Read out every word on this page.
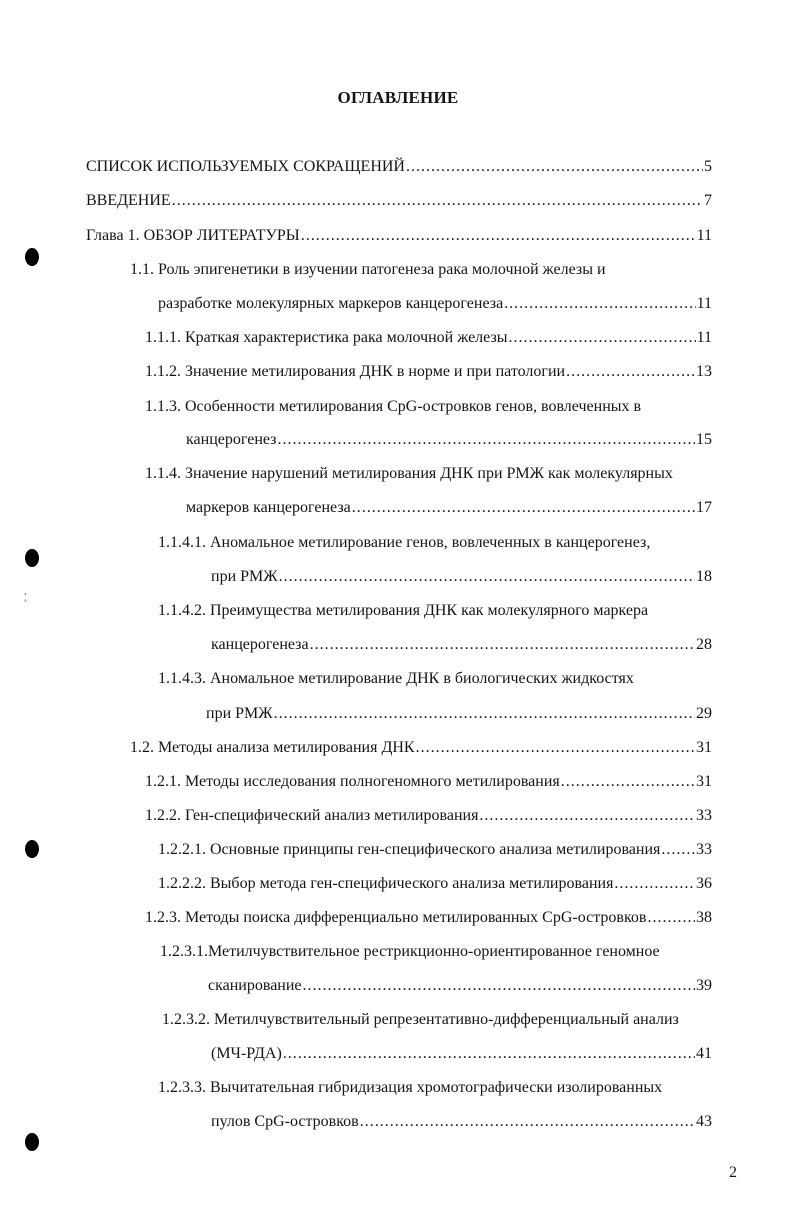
ОГЛАВЛЕНИЕ
СПИСОК ИСПОЛЬЗУЕМЫХ СОКРАЩЕНИЙ .....	5
ВВЕДЕНИЕ .....	7
Глава 1. ОБЗОР ЛИТЕРАТУРЫ .....	11
1.1. Роль эпигенетики в изучении патогенеза рака молочной железы и
разработке молекулярных маркеров канцерогенеза .....	11
1.1.1. Краткая характеристика рака молочной железы .....	11
1.1.2. Значение метилирования ДНК в норме и при патологии .....	13
1.1.3. Особенности метилирования CpG-островков генов, вовлеченных в
канцерогенез .....	15
1.1.4. Значение нарушений метилирования ДНК при РМЖ как молекулярных
маркеров канцерогенеза .....	17
1.1.4.1. Аномальное метилирование генов, вовлеченных в канцерогенез,
при РМЖ .....	18
1.1.4.2. Преимущества метилирования ДНК как молекулярного маркера
канцерогенеза .....	28
1.1.4.3. Аномальное метилирование ДНК в биологических жидкостях
при РМЖ .....	29
1.2. Методы анализа метилирования ДНК .....	31
1.2.1. Методы исследования полногеномного метилирования .....	31
1.2.2. Ген-специфический анализ метилирования .....	33
1.2.2.1. Основные принципы ген-специфического анализа метилирования ..... 33
1.2.2.2. Выбор метода ген-специфического анализа метилирования .....	36
1.2.3. Методы поиска дифференциально метилированных CpG-островков .....	38
1.2.3.1.Метилчувствительное рестрикционно-ориентированное геномное
сканирование .....	39
1.2.3.2. Метилчувствительный репрезентативно-дифференциальный анализ
(МЧ-РДА) .....	41
1.2.3.3. Вычитательная гибридизация хромотографически изолированных
пулов CpG-островков .....	43
’,
2
